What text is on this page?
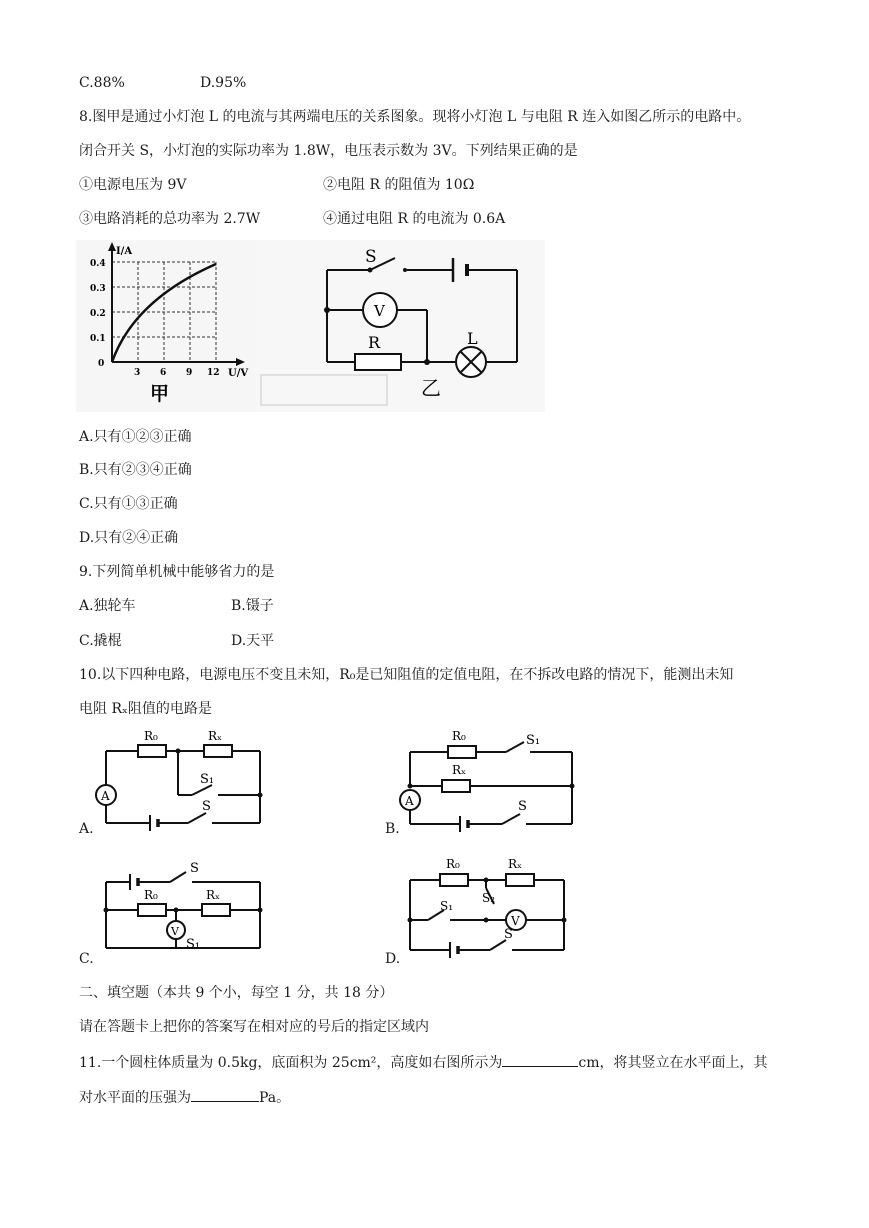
C.88%	D.95%
8.图甲是通过小灯泡 L 的电流与其两端电压的关系图象。现将小灯泡 L 与电阻 R 连入如图乙所示的电路中。
闭合开关 S，小灯泡的实际功率为 1.8W，电压表示数为 3V。下列结果正确的是
①电源电压为 9V	②电阻 R 的阻值为 10Ω
③电路消耗的总功率为 2.7W	④通过电阻 R 的电流为 0.6A
I/A
U/V
0.4
0.3
0.2
0.1
0
3 6 9 12
甲
S
V
R	L
乙
A.只有①②③正确
B.只有②③④正确
C.只有①③正确
D.只有②④正确
9.下列简单机械中能够省力的是
A.独轮车	B.镊子
C.撬棍	D.天平
10.以下四种电路，电源电压不变且未知，R₀是已知阻值的定值电阻，在不拆改电路的情况下，能测出未知
电阻 Rₓ阻值的电路是
A
R₀	Rₓ
S₁
S
A.
A
R₀
Rₓ
S₁
S
B.
V
R₀	Rₓ
S
S₁
C.
V
R₀	Rₓ
S₂
S₁
S
D.
二、填空题（本共 9 个小，每空 1 分，共 18 分）
请在答题卡上把你的答案写在相对应的号后的指定区域内
11.一个圆柱体质量为 0.5kg，底面积为 25cm²，高度如右图所示为	cm，将其竖立在水平面上，其
对水平面的压强为	Pa。
